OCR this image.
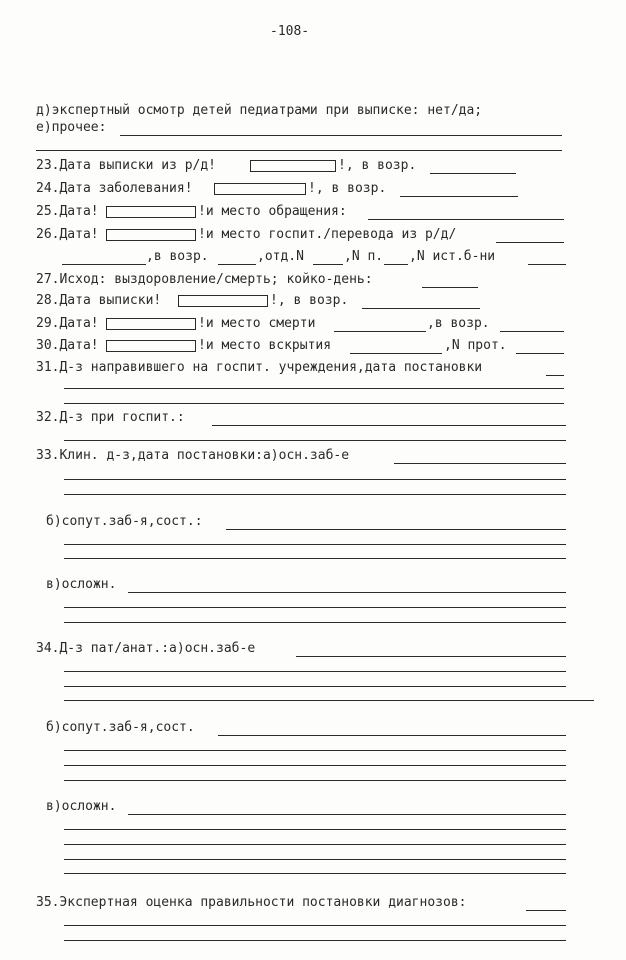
-108-
д)экспертный осмотр детей педиатрами при выписке: нет/да;
е)прочее:
23.Дата выписки из р/д!	!, в возр.
24.Дата заболевания!	!, в возр.
25.Дата!	!и место обращения:
26.Дата!	!и место госпит./перевода из р/д/
,в возр.	,отд.N	,N п. ,N ист.б-ни
27.Исход: выздоровление/смерть; койко-день:
28.Дата выписки!	!, в возр.
29.Дата!	!и место смерти	,в возр.
30.Дата!	!и место вскрытия	,N прот.
31.Д-з направившего на госпит. учреждения,дата постановки
32.Д-з при госпит.:
33.Клин. д-з,дата постановки:а)осн.заб-е
б)сопут.заб-я,сост.:
в)осложн.
34.Д-з пат/анат.:а)осн.заб-е
б)сопут.заб-я,сост.
в)осложн.
35.Экспертная оценка правильности постановки диагнозов:
